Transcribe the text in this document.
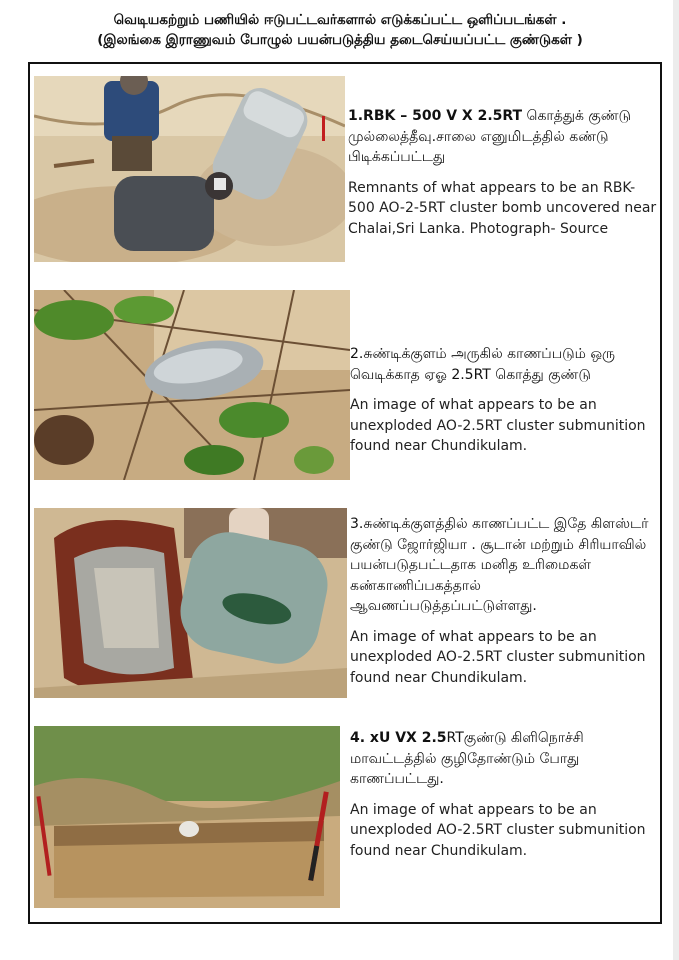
வெடியகற்றும் பணியில் ஈடுபட்டவர்களால் எடுக்கப்பட்ட ஒளிப்படங்கள் .
(இலங்கை இராணுவம் போழுல் பயன்படுத்திய தடைசெய்யப்பட்ட குண்டுகள் )
1.RBK – 500 V X 2.5RT கொத்துக் குண்டு முல்லைத்தீவு.சாலை எனுமிடத்தில் கண்டு பிடிக்கப்பட்டது
Remnants of what appears to be an RBK-500 AO-2-5RT cluster bomb uncovered near Chalai,Sri Lanka. Photograph- Source
2.சுண்டிக்குளம் அருகில் காணப்படும் ஒரு வெடிக்காத ஏஓ 2.5RT கொத்து குண்டு
An image of what appears to be an unexploded AO-2.5RT cluster submunition found near Chundikulam.
3.சுண்டிக்குளத்தில் காணப்பட்ட இதே கிளஸ்டர் குண்டு ஜோர்ஜியா . சூடான் மற்றும் சிரியாவில் பயன்படுதபட்டதாக மனித உரிமைகள் கண்காணிப்பகத்தால் ஆவணப்படுத்தப்பட்டுள்ளது.
An image of what appears to be an unexploded AO-2.5RT cluster submunition found near Chundikulam.
4. xU VX 2.5RTகுண்டு கிளிநொச்சி மாவட்டத்தில் குழிதோண்டும் போது காணப்பட்டது.
An image of what appears to be an unexploded AO-2.5RT cluster submunition found near Chundikulam.
